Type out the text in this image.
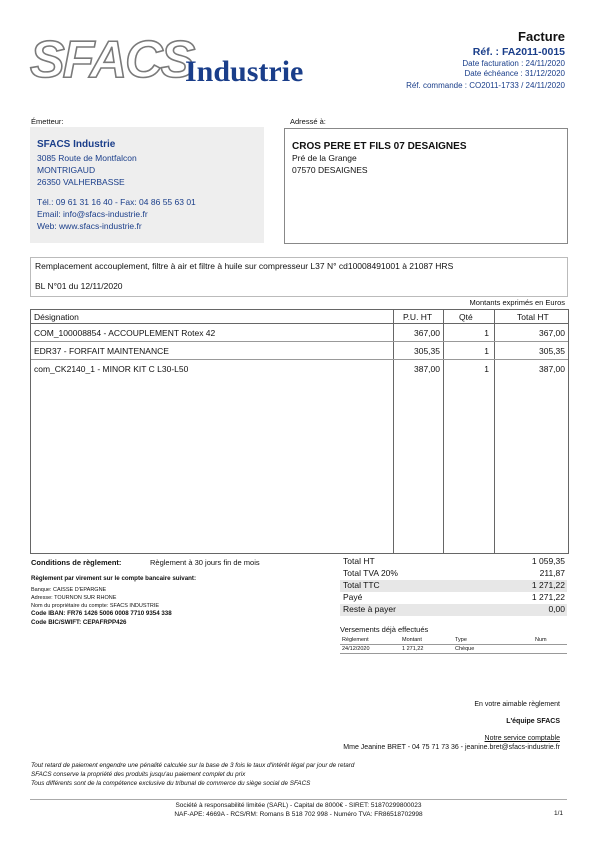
SFACS
Industrie
Facture
Réf. : FA2011-0015
Date facturation : 24/11/2020
Date échéance : 31/12/2020
Réf. commande : CO2011-1733 / 24/11/2020
Émetteur:	Adressé à:
SFACS Industrie
3085 Route de Montfalcon
MONTRIGAUD
26350 VALHERBASSE
Tél.: 09 61 31 16 40 - Fax: 04 86 55 63 01
Email: info@sfacs-industrie.fr
Web: www.sfacs-industrie.fr
CROS PERE ET FILS 07 DESAIGNES
Pré de la Grange
07570 DESAIGNES
Remplacement accouplement, filtre à air et filtre à huile sur compresseur L37 N° cd10008491001 à 21087 HRS
BL N°01 du 12/11/2020
Montants exprimés en Euros
Désignation	P.U. HT	Qté	Total HT
COM_100008854 - ACCOUPLEMENT Rotex 42	367,00	1	367,00
EDR37 - FORFAIT MAINTENANCE	305,35	1	305,35
com_CK2140_1 - MINOR KIT C L30-L50	387,00	1	387,00
Conditions de règlement:	Règlement à 30 jours fin de mois
Règlement par virement sur le compte bancaire suivant:
Banque: CAISSE D'EPARGNE
Adresse: TOURNON SUR RHONE
Nom du propriétaire du compte: SFACS INDUSTRIE
Code IBAN: FR76 1426 5006 0008 7710 9354 338
Code BIC/SWIFT: CEPAFRPP426
Total HT	1 059,35
Total TVA 20%	211,87
Total TTC	1 271,22
Payé	1 271,22
Reste à payer	0,00
Versements déjà effectués
Règlement	Montant	Type	Num
24/12/2020	1 271,22	Chèque
En votre aimable règlement
L'équipe SFACS
Notre service comptable
Mme Jeanine BRET - 04 75 71 73 36 - jeanine.bret@sfacs-industrie.fr
Tout retard de paiement engendre une pénalité calculée sur la base de 3 fois le taux d'intérêt légal par jour de retard
SFACS conserve la propriété des produits jusqu'au paiement complet du prix
Tous différents sont de la compétence exclusive du tribunal de commerce du siège social de SFACS
Société à responsabilité limitée (SARL) - Capital de 8000€ - SIRET: 51870299800023
NAF-APE: 4669A - RCS/RM: Romans B 518 702 998 - Numéro TVA: FR86518702998	1/1
